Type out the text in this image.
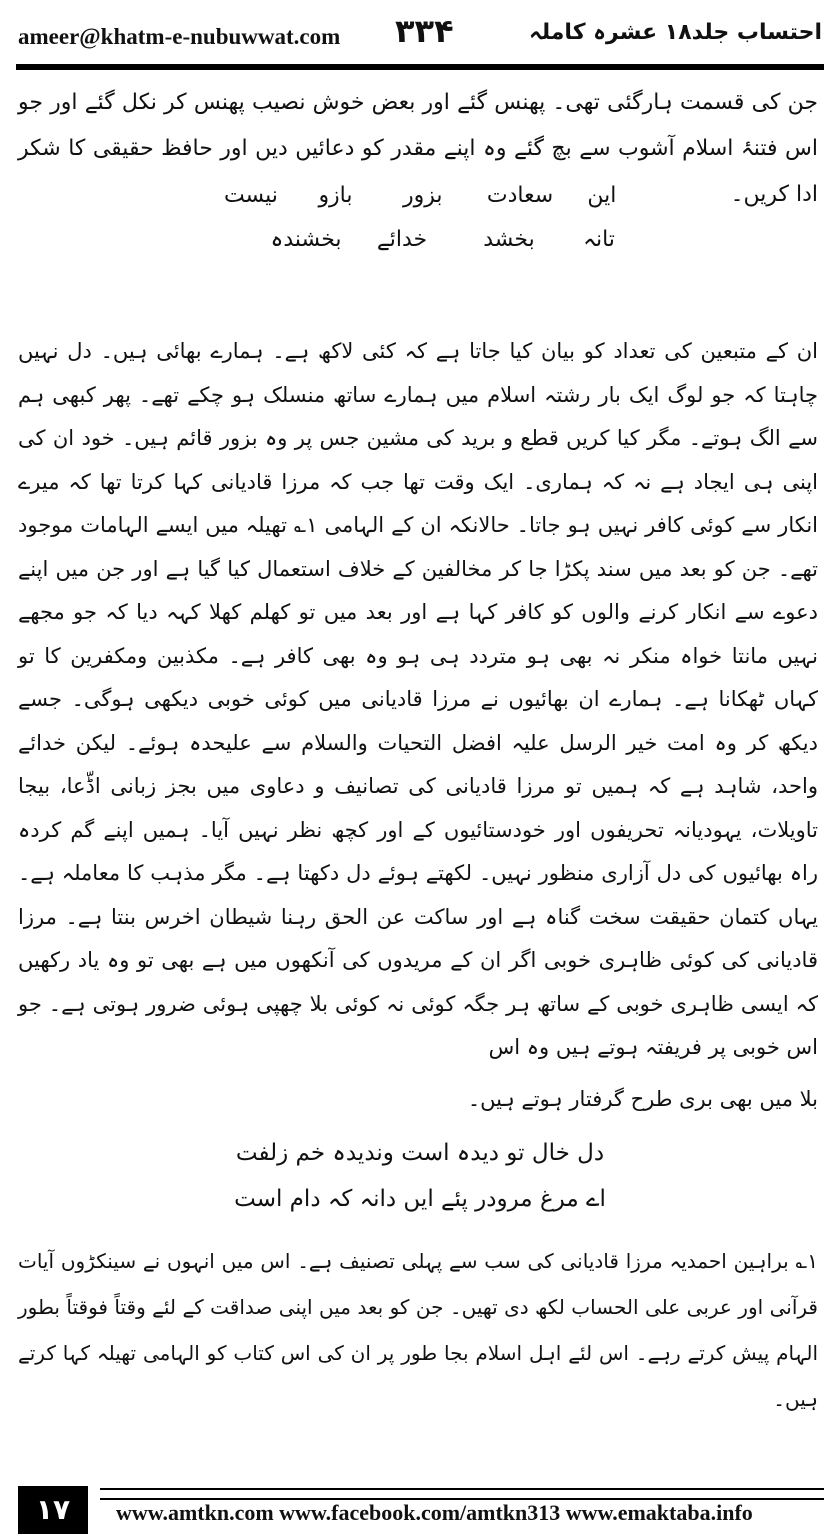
ameer@khatm-e-nubuwwat.com ۳۳۴	احتساب جلد۱۸ عشرہ کاملہ

جن کی قسمت ہارگئی تھی۔ پھنس گئے اور بعض خوش نصیب پھنس کر نکل گئے اور جو اس فتنۂ اسلام آشوب سے بچ گئے وہ اپنے مقدر کو دعائیں دیں اور حافظ حقیقی کا شکر ادا کریں۔

این
سعادت
بزور
بازو
نیست
تانہ
بخشد
خدائے
بخشندہ
ان کے متبعین کی تعداد کو بیان کیا جاتا ہے کہ کئی لاکھ ہے۔ ہمارے بھائی ہیں۔ دل نہیں چاہتا کہ جو لوگ ایک بار رشتہ اسلام میں ہمارے ساتھ منسلک ہو چکے تھے۔ پھر کبھی ہم سے الگ ہوتے۔ مگر کیا کریں قطع و برید کی مشین جس پر وہ بزور قائم ہیں۔ خود ان کی اپنی ہی ایجاد ہے نہ کہ ہماری۔ ایک وقت تھا جب کہ مرزا قادیانی کہا کرتا تھا کہ میرے انکار سے کوئی کافر نہیں ہو جاتا۔ حالانکہ ان کے الہامی ۱؎ تھیلہ میں ایسے الہامات موجود تھے۔ جن کو بعد میں سند پکڑا جا کر مخالفین کے خلاف استعمال کیا گیا ہے اور جن میں اپنے دعوے سے انکار کرنے والوں کو کافر کہا ہے اور بعد میں تو کھلم کھلا کہہ دیا کہ جو مجھے نہیں مانتا خواہ منکر نہ بھی ہو متردد ہی ہو وہ بھی کافر ہے۔ مکذبین ومکفرین کا تو کہاں ٹھکانا ہے۔ ہمارے ان بھائیوں نے مرزا قادیانی میں کوئی خوبی دیکھی ہوگی۔ جسے دیکھ کر وہ امت خیر الرسل علیہ افضل التحیات والسلام سے علیحدہ ہوئے۔ لیکن خدائے واحد، شاہد ہے کہ ہمیں تو مرزا قادیانی کی تصانیف و دعاوی میں بجز زبانی اڈّعا، بیجا تاویلات، یہودیانہ تحریفوں اور خودستائیوں کے اور کچھ نظر نہیں آیا۔ ہمیں اپنے گم کردہ راہ بھائیوں کی دل آزاری منظور نہیں۔ لکھتے ہوئے دل دکھتا ہے۔ مگر مذہب کا معاملہ ہے۔ یہاں کتمان حقیقت سخت گناہ ہے اور ساکت عن الحق رہنا شیطان اخرس بنتا ہے۔ مرزا قادیانی کی کوئی ظاہری خوبی اگر ان کے مریدوں کی آنکھوں میں ہے بھی تو وہ یاد رکھیں کہ ایسی ظاہری خوبی کے ساتھ ہر جگہ کوئی نہ کوئی بلا چھپی ہوئی ضرور ہوتی ہے۔ جو اس خوبی پر فریفتہ ہوتے ہیں وہ اس
بلا میں بھی بری طرح گرفتار ہوتے ہیں۔
دل خال تو دیدہ است وندیدہ خم زلفت
اے مرغ مرودر پئے ایں دانہ کہ دام است
۱؎ براہین احمدیہ مرزا قادیانی کی سب سے پہلی تصنیف ہے۔ اس میں انہوں نے سینکڑوں آیات قرآنی اور عربی علی الحساب لکھ دی تھیں۔ جن کو بعد میں اپنی صداقت کے لئے وقتاً فوقتاً بطور الہام پیش کرتے رہے۔ اس لئے اہل اسلام بجا طور پر ان کی اس کتاب کو الہامی تھیلہ کہا کرتے ہیں۔
۱۷	www.amtkn.com www.facebook.com/amtkn313 www.emaktaba.info
